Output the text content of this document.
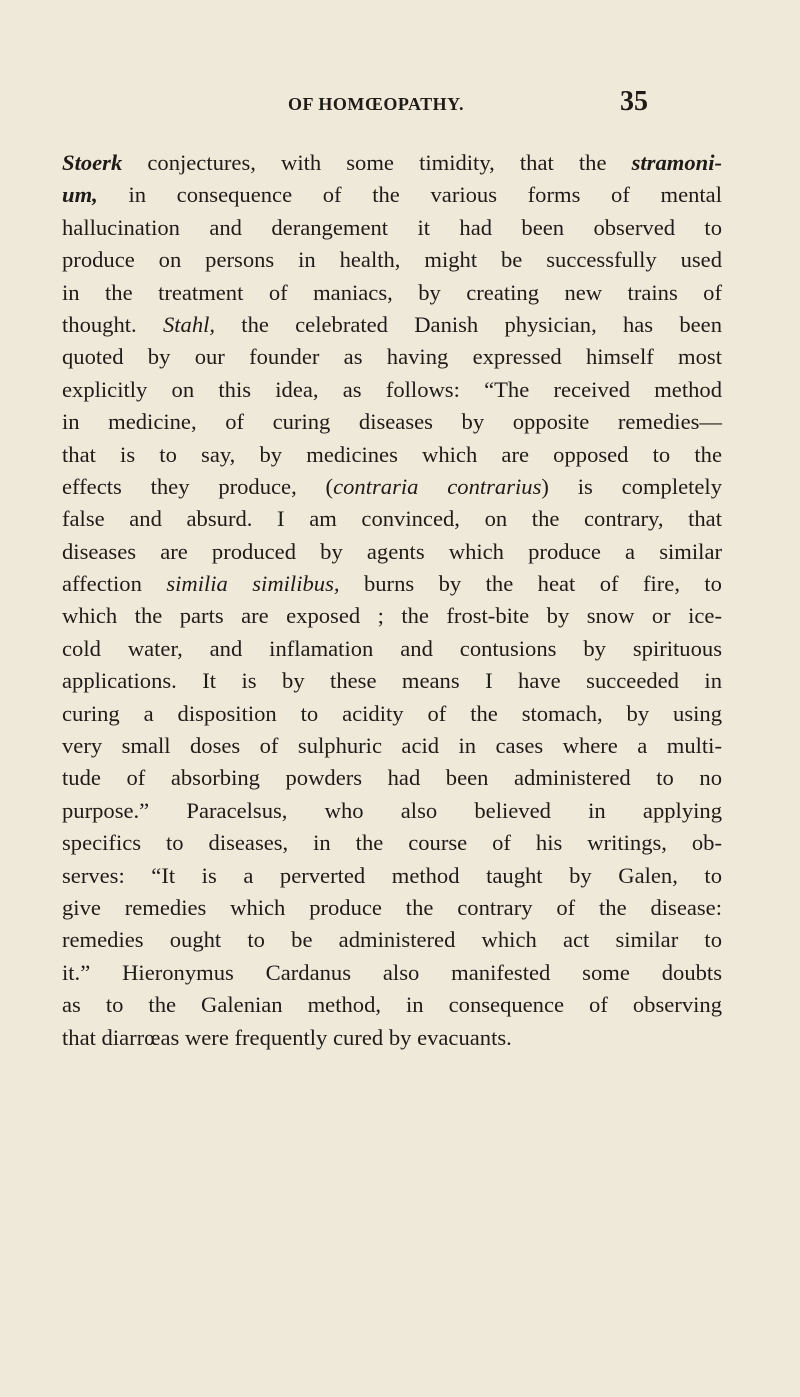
OF HOMŒOPATHY.	35
Stoerk conjectures, with some timidity, that the stramoni-
um, in consequence of the various forms of mental
hallucination and derangement it had been observed to
produce on persons in health, might be successfully used
in the treatment of maniacs, by creating new trains of
thought. Stahl, the celebrated Danish physician, has been
quoted by our founder as having expressed himself most
explicitly on this idea, as follows: “The received method
in medicine, of curing diseases by opposite remedies—
that is to say, by medicines which are opposed to the
effects they produce, (contraria contrarius) is completely
false and absurd. I am convinced, on the contrary, that
diseases are produced by agents which produce a similar
affection similia similibus, burns by the heat of fire, to
which the parts are exposed ; the frost-bite by snow or ice-
cold water, and inflamation and contusions by spirituous
applications. It is by these means I have succeeded in
curing a disposition to acidity of the stomach, by using
very small doses of sulphuric acid in cases where a multi-
tude of absorbing powders had been administered to no
purpose.” Paracelsus, who also believed in applying
specifics to diseases, in the course of his writings, ob-
serves: “It is a perverted method taught by Galen, to
give remedies which produce the contrary of the disease:
remedies ought to be administered which act similar to
it.” Hieronymus Cardanus also manifested some doubts
as to the Galenian method, in consequence of observing
that diarrœas were frequently cured by evacuants.
